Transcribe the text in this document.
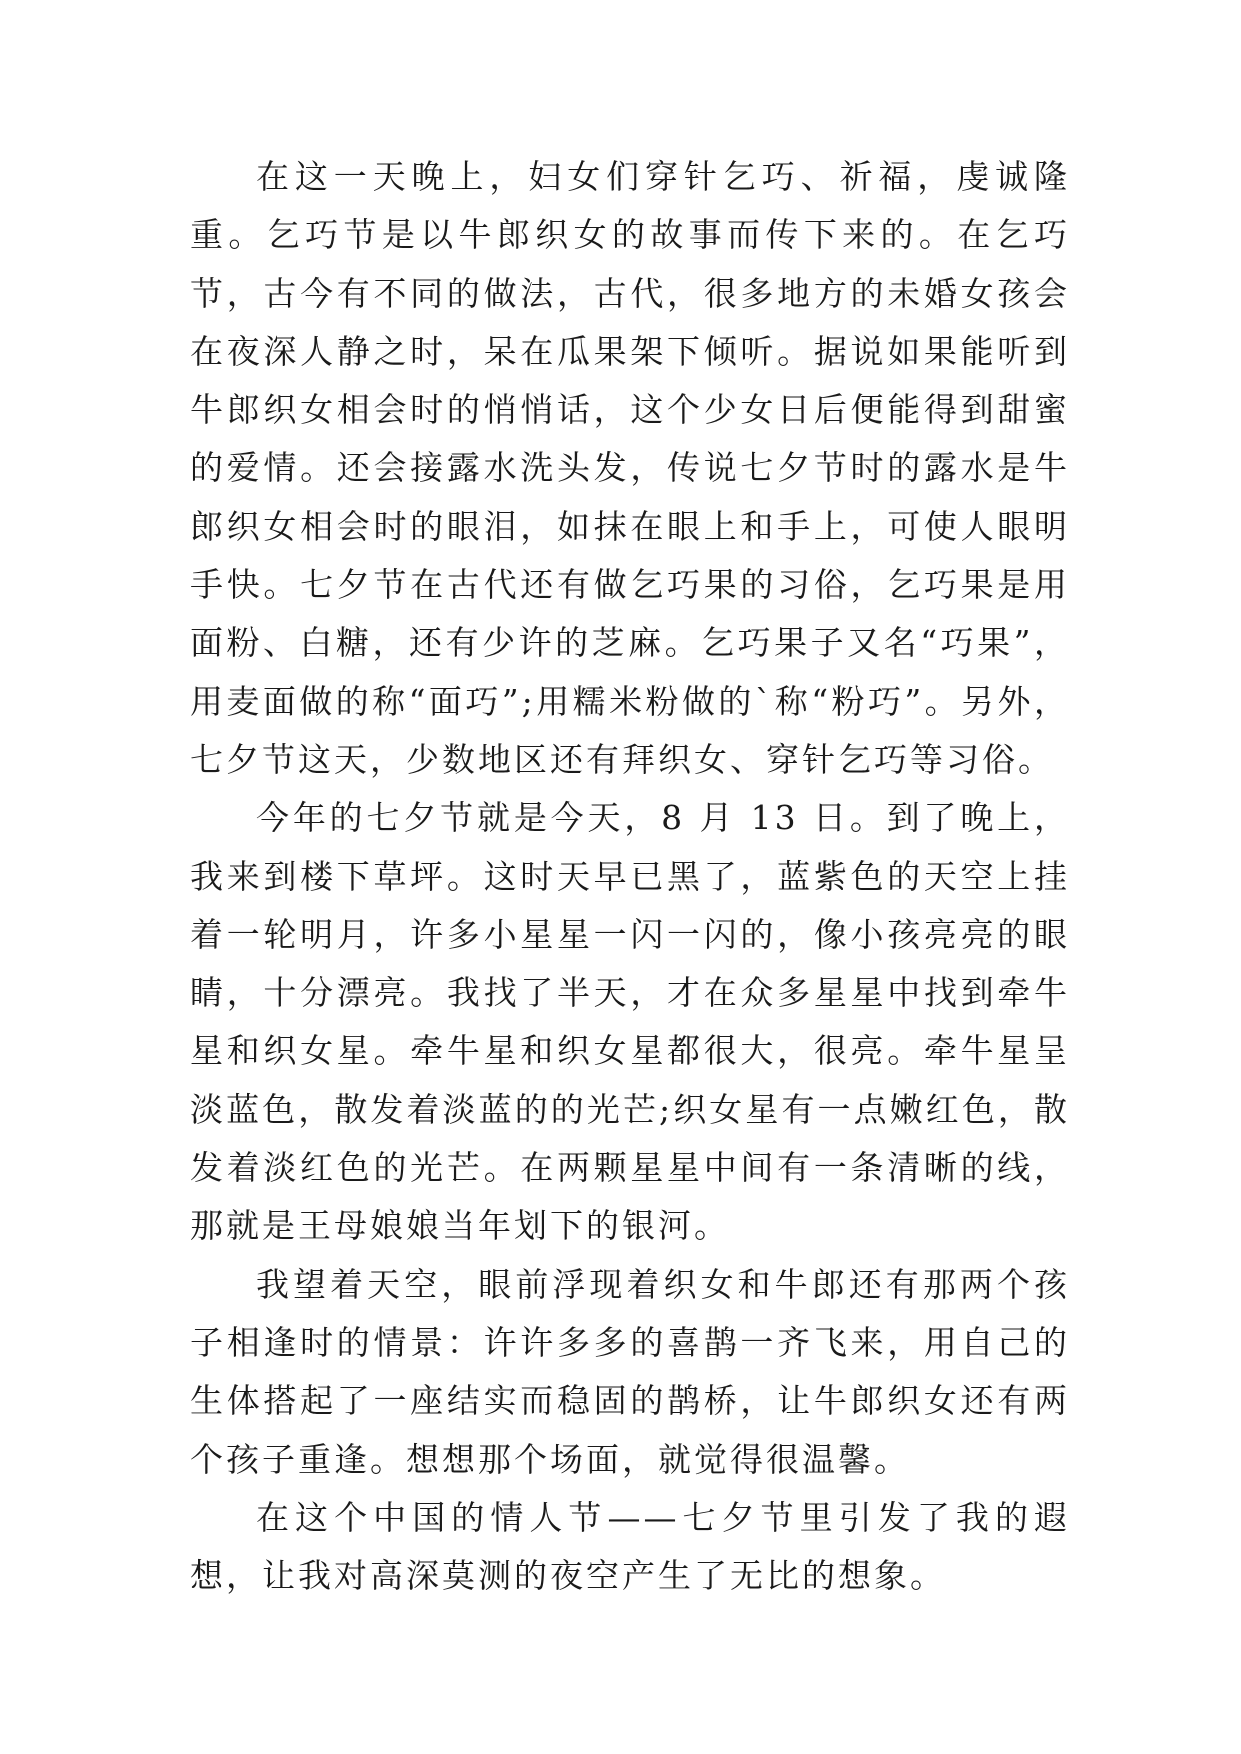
在这一天晚上，妇女们穿针乞巧、祈福，虔诚隆重。乞巧节是以牛郎织女的故事而传下来的。在乞巧节，古今有不同的做法，古代，很多地方的未婚女孩会在夜深人静之时，呆在瓜果架下倾听。据说如果能听到牛郎织女相会时的悄悄话，这个少女日后便能得到甜蜜的爱情。还会接露水洗头发，传说七夕节时的露水是牛郎织女相会时的眼泪，如抹在眼上和手上，可使人眼明手快。七夕节在古代还有做乞巧果的习俗，乞巧果是用面粉、白糖，还有少许的芝麻。乞巧果子又名“巧果”，用麦面做的称“面巧”;用糯米粉做的`称“粉巧”。另外，七夕节这天，少数地区还有拜织女、穿针乞巧等习俗。

今年的七夕节就是今天，8 月 13 日。到了晚上，我来到楼下草坪。这时天早已黑了，蓝紫色的天空上挂着一轮明月，许多小星星一闪一闪的，像小孩亮亮的眼睛，十分漂亮。我找了半天，才在众多星星中找到牵牛星和织女星。牵牛星和织女星都很大，很亮。牵牛星呈淡蓝色，散发着淡蓝的的光芒;织女星有一点嫩红色，散发着淡红色的光芒。在两颗星星中间有一条清晰的线，那就是王母娘娘当年划下的银河。

我望着天空，眼前浮现着织女和牛郎还有那两个孩子相逢时的情景：许许多多的喜鹊一齐飞来，用自己的生体搭起了一座结实而稳固的鹊桥，让牛郎织女还有两个孩子重逢。想想那个场面，就觉得很温馨。

在这个中国的情人节——七夕节里引发了我的遐想，让我对高深莫测的夜空产生了无比的想象。
